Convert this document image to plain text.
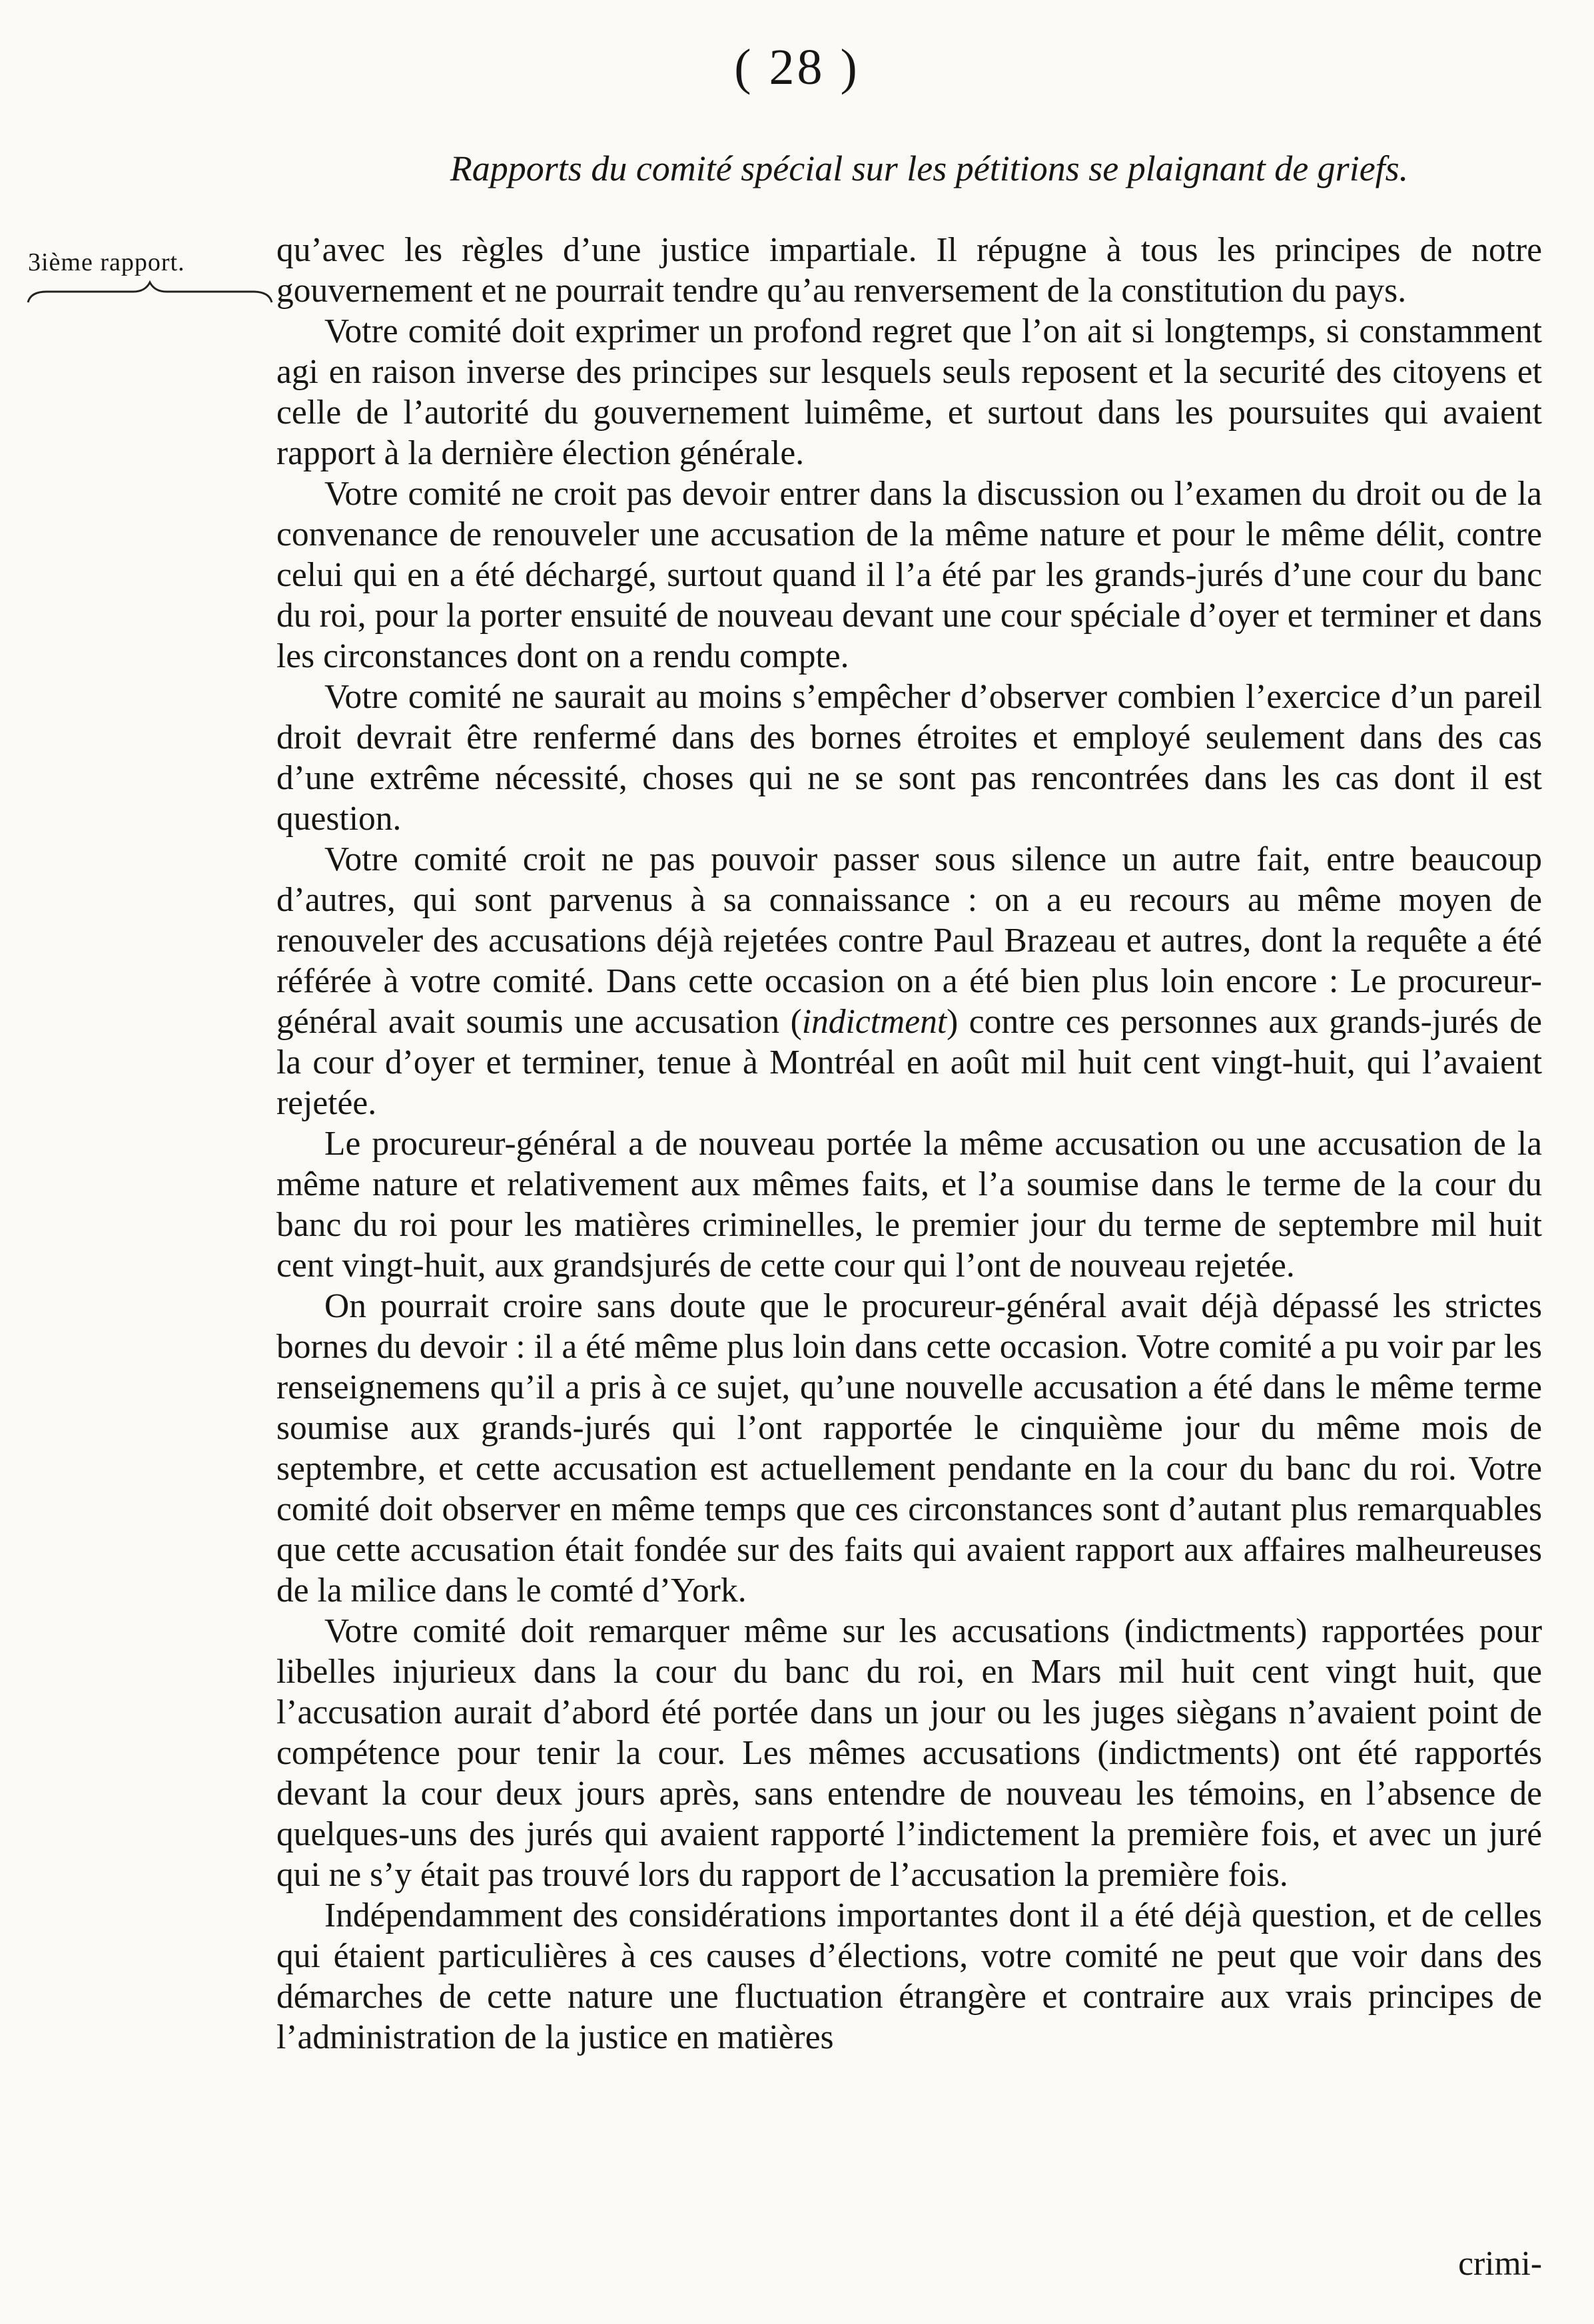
( 28 )
Rapports du comité spécial sur les pétitions se plaignant de griefs.
3ième rapport.	qu’avec les règles d’une justice impartiale. Il répugne à tous les principes de notre gouvernement et ne pourrait tendre qu’au renversement de la constitution du pays.

Votre comité doit exprimer un profond regret que l’on ait si longtemps, si constamment agi en raison inverse des principes sur lesquels seuls reposent et la securité des citoyens et celle de l’autorité du gouvernement luimême, et surtout dans les poursuites qui avaient rapport à la dernière élection générale.

Votre comité ne croit pas devoir entrer dans la discussion ou l’examen du droit ou de la convenance de renouveler une accusation de la même nature et pour le même délit, contre celui qui en a été déchargé, surtout quand il l’a été par les grands-jurés d’une cour du banc du roi, pour la porter ensuité de nouveau devant une cour spéciale d’oyer et terminer et dans les circonstances dont on a rendu compte.

Votre comité ne saurait au moins s’empêcher d’observer combien l’exercice d’un pareil droit devrait être renfermé dans des bornes étroites et employé seulement dans des cas d’une extrême nécessité, choses qui ne se sont pas rencontrées dans les cas dont il est question.

Votre comité croit ne pas pouvoir passer sous silence un autre fait, entre beaucoup d’autres, qui sont parvenus à sa connaissance : on a eu recours au même moyen de renouveler des accusations déjà rejetées contre Paul Brazeau et autres, dont la requête a été référée à votre comité. Dans cette occasion on a été bien plus loin encore : Le procureur-général avait soumis une accusation (indictment) contre ces personnes aux grands-jurés de la cour d’oyer et terminer, tenue à Montréal en août mil huit cent vingt-huit, qui l’avaient rejetée.

Le procureur-général a de nouveau portée la même accusation ou une accusation de la même nature et relativement aux mêmes faits, et l’a soumise dans le terme de la cour du banc du roi pour les matières criminelles, le premier jour du terme de septembre mil huit cent vingt-huit, aux grandsjurés de cette cour qui l’ont de nouveau rejetée.

On pourrait croire sans doute que le procureur-général avait déjà dépassé les strictes bornes du devoir : il a été même plus loin dans cette occasion. Votre comité a pu voir par les renseignemens qu’il a pris à ce sujet, qu’une nouvelle accusation a été dans le même terme soumise aux grands-jurés qui l’ont rapportée le cinquième jour du même mois de septembre, et cette accusation est actuellement pendante en la cour du banc du roi. Votre comité doit observer en même temps que ces circonstances sont d’autant plus remarquables que cette accusation était fondée sur des faits qui avaient rapport aux affaires malheureuses de la milice dans le comté d’York.

Votre comité doit remarquer même sur les accusations (indictments) rapportées pour libelles injurieux dans la cour du banc du roi, en Mars mil huit cent vingt huit, que l’accusation aurait d’abord été portée dans un jour ou les juges siègans n’avaient point de compétence pour tenir la cour. Les mêmes accusations (indictments) ont été rapportés devant la cour deux jours après, sans entendre de nouveau les témoins, en l’absence de quelques-uns des jurés qui avaient rapporté l’indictement la première fois, et avec un juré qui ne s’y était pas trouvé lors du rapport de l’accusation la première fois.

Indépendamment des considérations importantes dont il a été déjà question, et de celles qui étaient particulières à ces causes d’élections, votre comité ne peut que voir dans des démarches de cette nature une fluctuation étrangère et contraire aux vrais principes de l’administration de la justice en matières

crimi-
